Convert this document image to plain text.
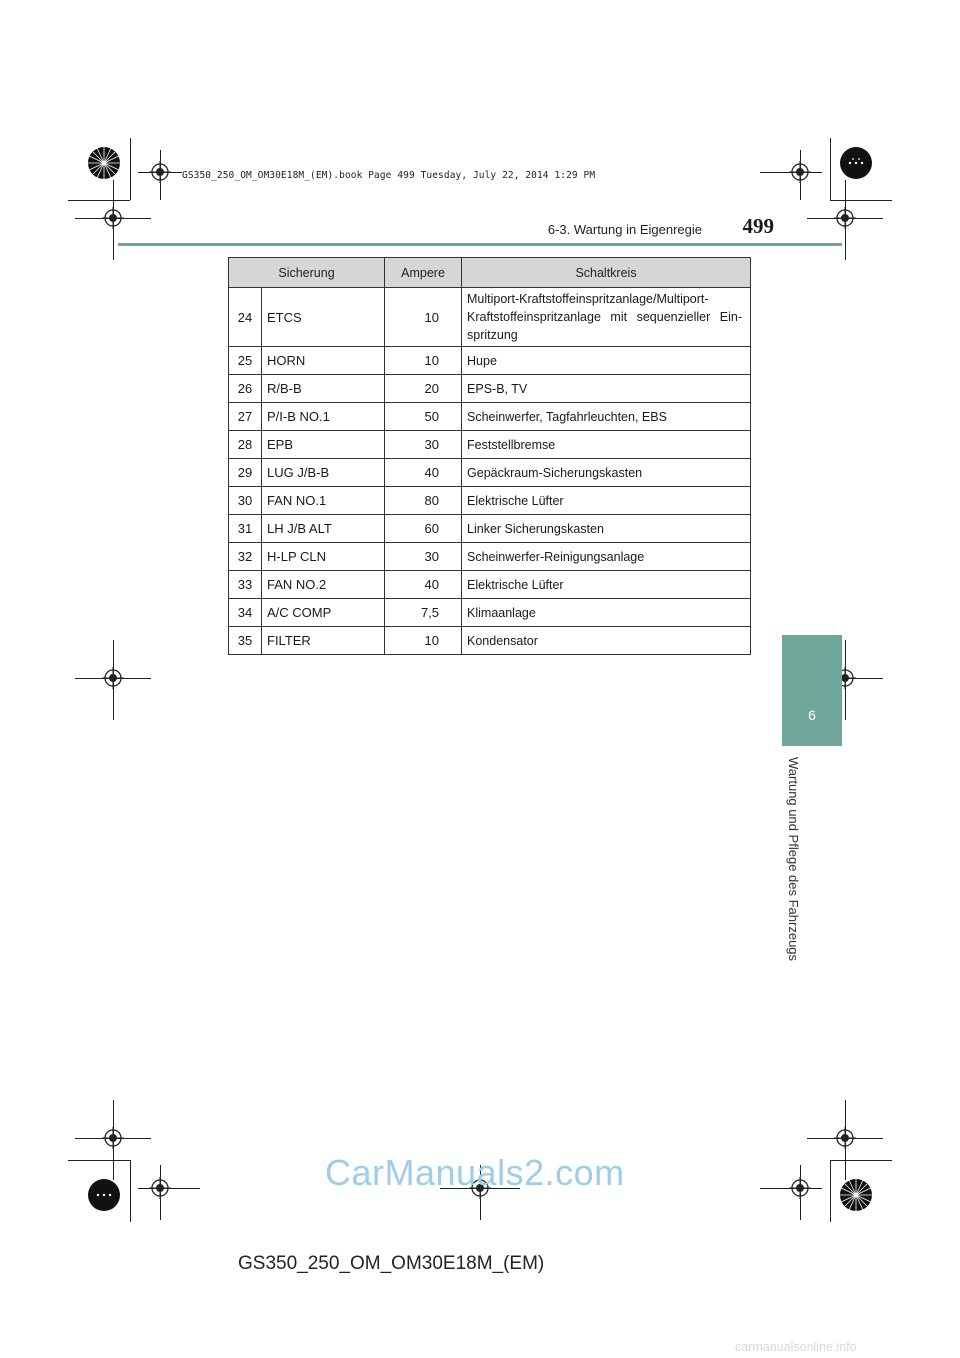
GS350_250_OM_OM30E18M_(EM).book Page 499 Tuesday, July 22, 2014 1:29 PM
6-3. Wartung in Eigenregie	499
Sicherung		Ampere	Schaltkreis
24	ETCS	10	Multiport-Kraftstoffeinspritzanlage/Multiport-Kraftstoffeinspritzanlage mit sequenzieller Ein-spritzung
25	HORN	10	Hupe
26	R/B-B	20	EPS-B, TV
27	P/I-B NO.1	50	Scheinwerfer, Tagfahrleuchten, EBS
28	EPB	30	Feststellbremse
29	LUG J/B-B	40	Gepäckraum-Sicherungskasten
30	FAN NO.1	80	Elektrische Lüfter
31	LH J/B ALT	60	Linker Sicherungskasten
32	H-LP CLN	30	Scheinwerfer-Reinigungsanlage
33	FAN NO.2	40	Elektrische Lüfter
34	A/C COMP	7,5	Klimaanlage
35	FILTER	10	Kondensator
6
Wartung und Pflege des Fahrzeugs
CarManuals2.com
GS350_250_OM_OM30E18M_(EM)
carmanualsonline.info
